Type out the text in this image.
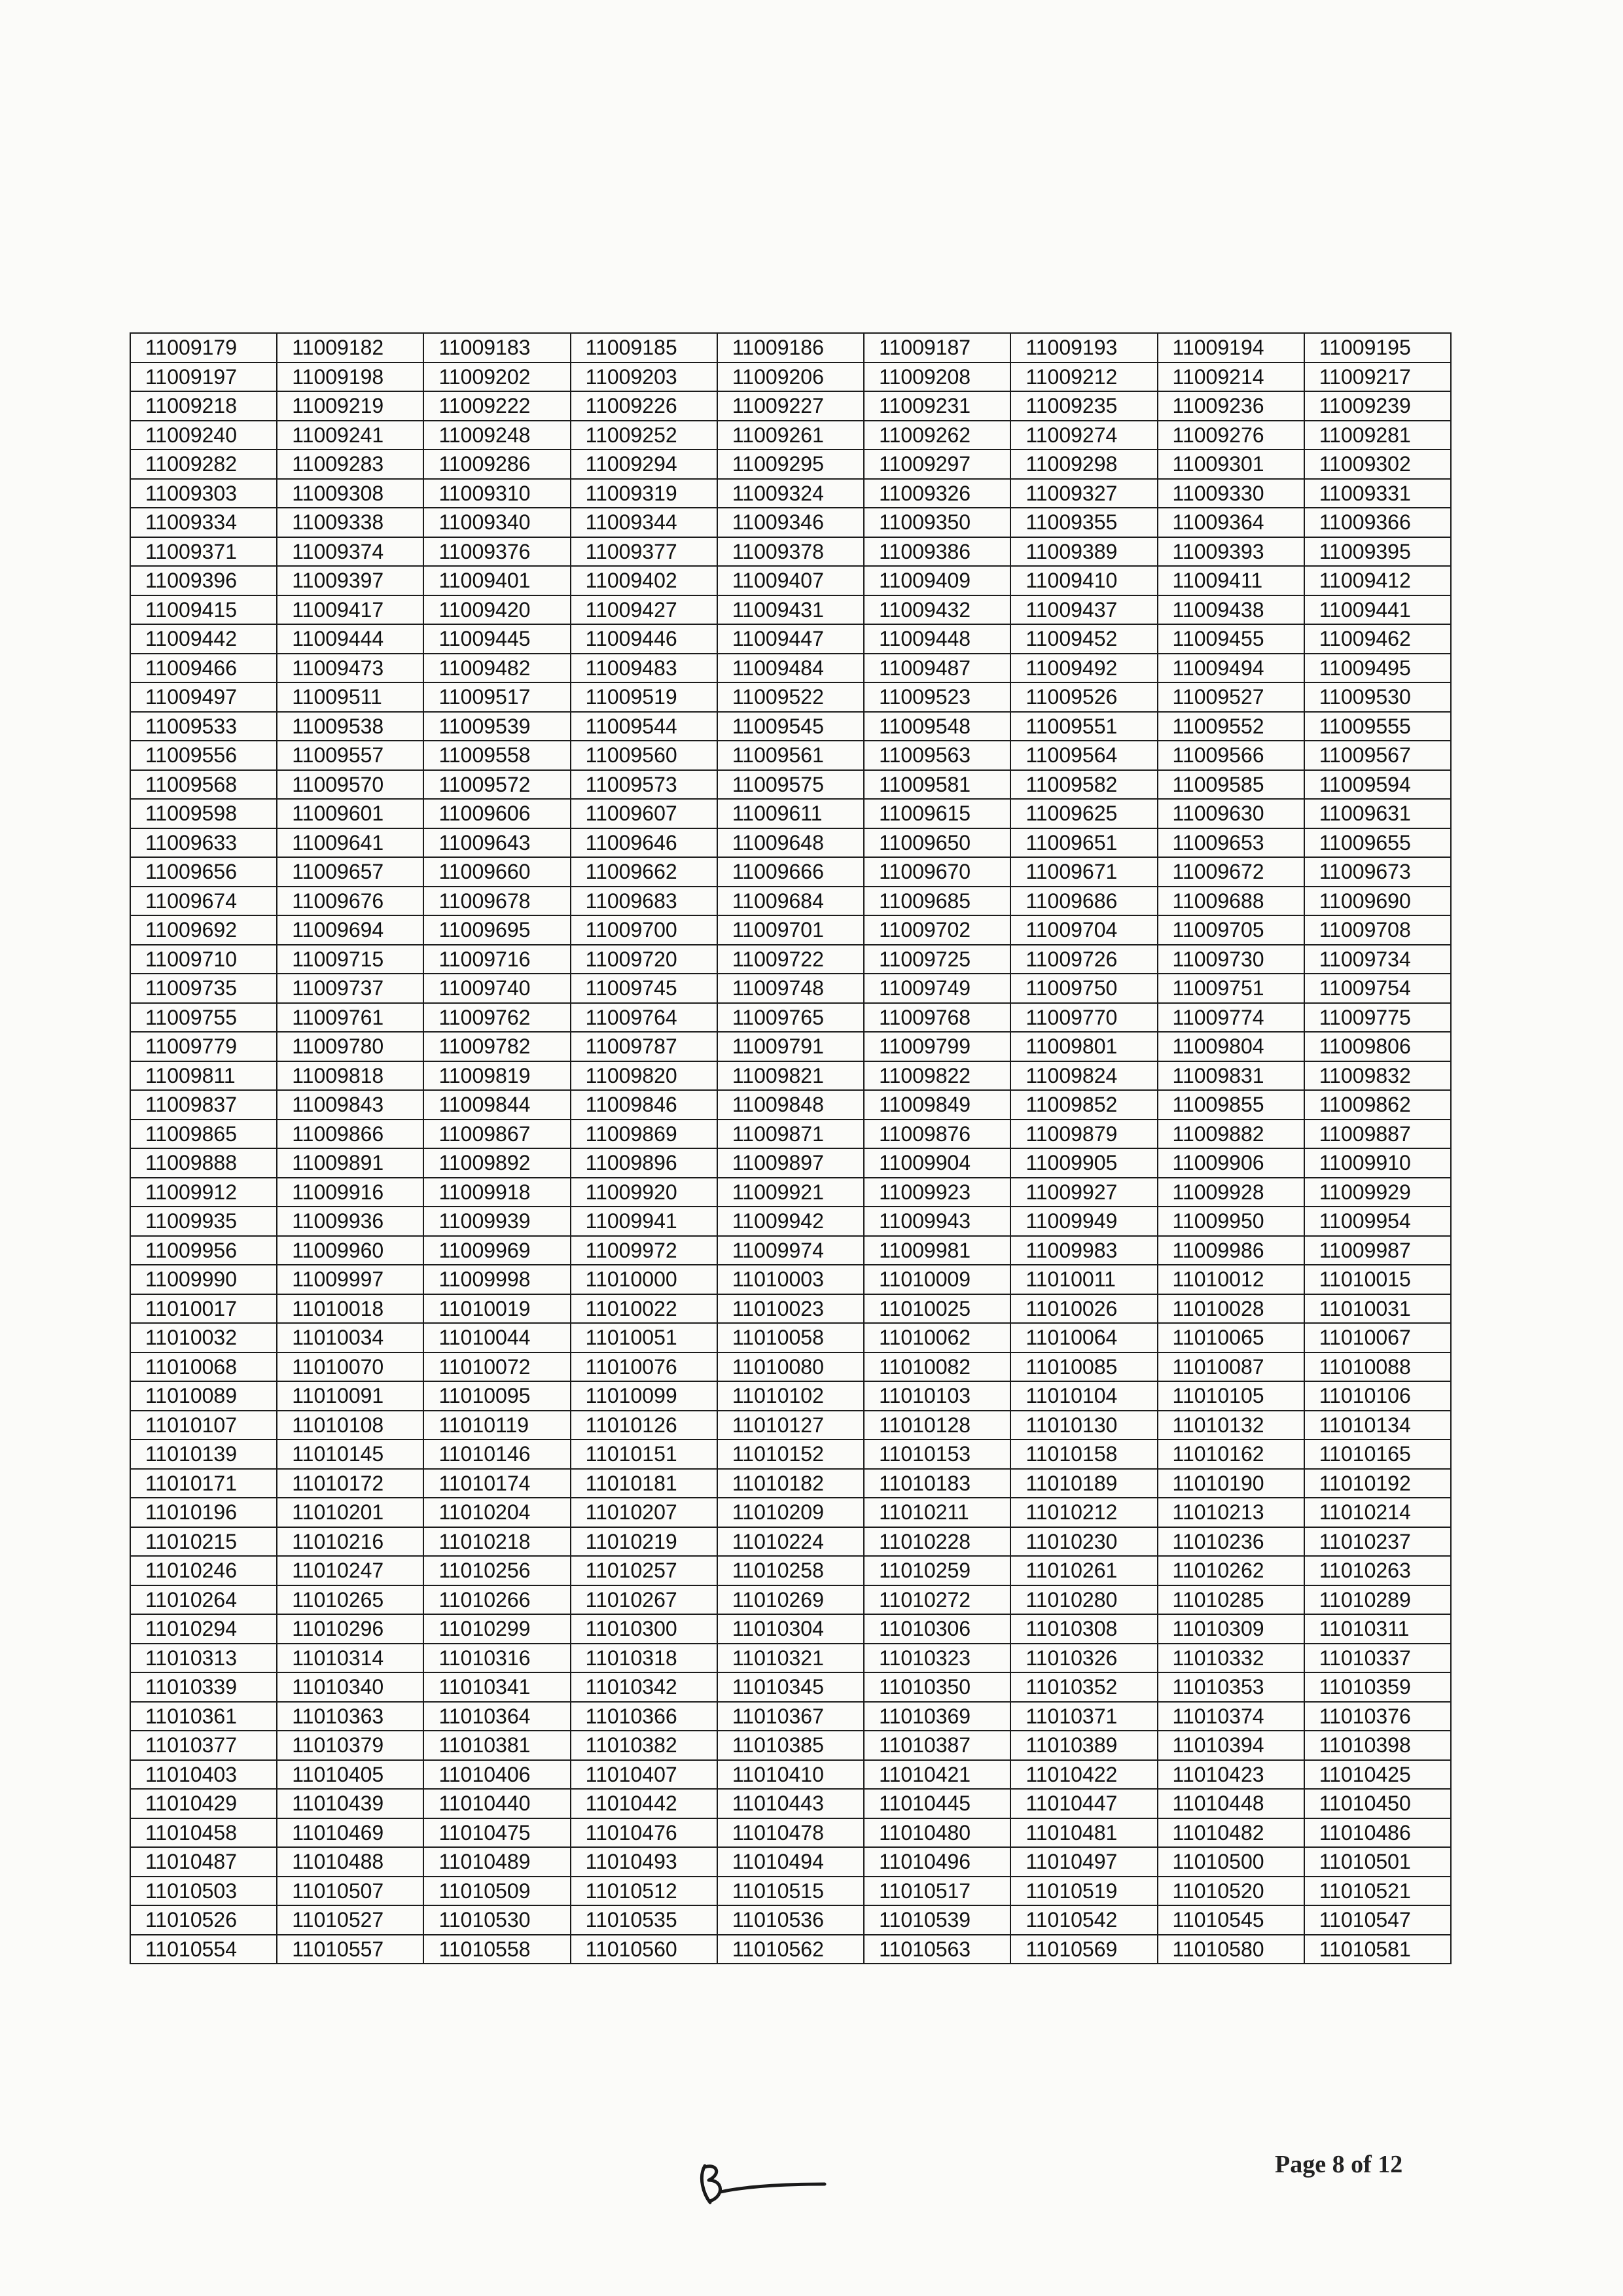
11009179	11009182	11009183	11009185	11009186	11009187	11009193	11009194	11009195
11009197	11009198	11009202	11009203	11009206	11009208	11009212	11009214	11009217
11009218	11009219	11009222	11009226	11009227	11009231	11009235	11009236	11009239
11009240	11009241	11009248	11009252	11009261	11009262	11009274	11009276	11009281
11009282	11009283	11009286	11009294	11009295	11009297	11009298	11009301	11009302
11009303	11009308	11009310	11009319	11009324	11009326	11009327	11009330	11009331
11009334	11009338	11009340	11009344	11009346	11009350	11009355	11009364	11009366
11009371	11009374	11009376	11009377	11009378	11009386	11009389	11009393	11009395
11009396	11009397	11009401	11009402	11009407	11009409	11009410	11009411	11009412
11009415	11009417	11009420	11009427	11009431	11009432	11009437	11009438	11009441
11009442	11009444	11009445	11009446	11009447	11009448	11009452	11009455	11009462
11009466	11009473	11009482	11009483	11009484	11009487	11009492	11009494	11009495
11009497	11009511	11009517	11009519	11009522	11009523	11009526	11009527	11009530
11009533	11009538	11009539	11009544	11009545	11009548	11009551	11009552	11009555
11009556	11009557	11009558	11009560	11009561	11009563	11009564	11009566	11009567
11009568	11009570	11009572	11009573	11009575	11009581	11009582	11009585	11009594
11009598	11009601	11009606	11009607	11009611	11009615	11009625	11009630	11009631
11009633	11009641	11009643	11009646	11009648	11009650	11009651	11009653	11009655
11009656	11009657	11009660	11009662	11009666	11009670	11009671	11009672	11009673
11009674	11009676	11009678	11009683	11009684	11009685	11009686	11009688	11009690
11009692	11009694	11009695	11009700	11009701	11009702	11009704	11009705	11009708
11009710	11009715	11009716	11009720	11009722	11009725	11009726	11009730	11009734
11009735	11009737	11009740	11009745	11009748	11009749	11009750	11009751	11009754
11009755	11009761	11009762	11009764	11009765	11009768	11009770	11009774	11009775
11009779	11009780	11009782	11009787	11009791	11009799	11009801	11009804	11009806
11009811	11009818	11009819	11009820	11009821	11009822	11009824	11009831	11009832
11009837	11009843	11009844	11009846	11009848	11009849	11009852	11009855	11009862
11009865	11009866	11009867	11009869	11009871	11009876	11009879	11009882	11009887
11009888	11009891	11009892	11009896	11009897	11009904	11009905	11009906	11009910
11009912	11009916	11009918	11009920	11009921	11009923	11009927	11009928	11009929
11009935	11009936	11009939	11009941	11009942	11009943	11009949	11009950	11009954
11009956	11009960	11009969	11009972	11009974	11009981	11009983	11009986	11009987
11009990	11009997	11009998	11010000	11010003	11010009	11010011	11010012	11010015
11010017	11010018	11010019	11010022	11010023	11010025	11010026	11010028	11010031
11010032	11010034	11010044	11010051	11010058	11010062	11010064	11010065	11010067
11010068	11010070	11010072	11010076	11010080	11010082	11010085	11010087	11010088
11010089	11010091	11010095	11010099	11010102	11010103	11010104	11010105	11010106
11010107	11010108	11010119	11010126	11010127	11010128	11010130	11010132	11010134
11010139	11010145	11010146	11010151	11010152	11010153	11010158	11010162	11010165
11010171	11010172	11010174	11010181	11010182	11010183	11010189	11010190	11010192
11010196	11010201	11010204	11010207	11010209	11010211	11010212	11010213	11010214
11010215	11010216	11010218	11010219	11010224	11010228	11010230	11010236	11010237
11010246	11010247	11010256	11010257	11010258	11010259	11010261	11010262	11010263
11010264	11010265	11010266	11010267	11010269	11010272	11010280	11010285	11010289
11010294	11010296	11010299	11010300	11010304	11010306	11010308	11010309	11010311
11010313	11010314	11010316	11010318	11010321	11010323	11010326	11010332	11010337
11010339	11010340	11010341	11010342	11010345	11010350	11010352	11010353	11010359
11010361	11010363	11010364	11010366	11010367	11010369	11010371	11010374	11010376
11010377	11010379	11010381	11010382	11010385	11010387	11010389	11010394	11010398
11010403	11010405	11010406	11010407	11010410	11010421	11010422	11010423	11010425
11010429	11010439	11010440	11010442	11010443	11010445	11010447	11010448	11010450
11010458	11010469	11010475	11010476	11010478	11010480	11010481	11010482	11010486
11010487	11010488	11010489	11010493	11010494	11010496	11010497	11010500	11010501
11010503	11010507	11010509	11010512	11010515	11010517	11010519	11010520	11010521
11010526	11010527	11010530	11010535	11010536	11010539	11010542	11010545	11010547
11010554	11010557	11010558	11010560	11010562	11010563	11010569	11010580	11010581
Page 8 of 12
